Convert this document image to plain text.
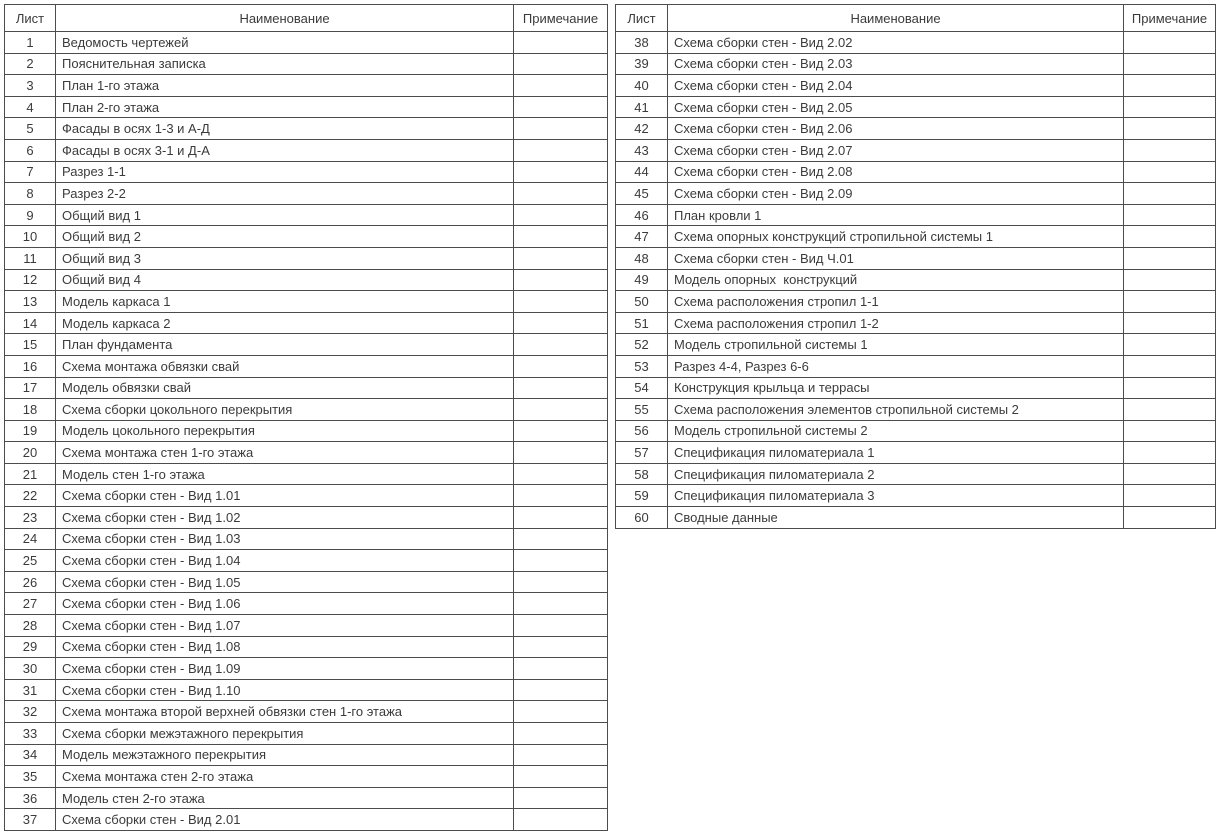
Лист	Наименование	Примечание
1	Ведомость чертежей	
2	Пояснительная записка	
3	План 1-го этажа	
4	План 2-го этажа	
5	Фасады в осях 1-3 и А-Д	
6	Фасады в осях 3-1 и Д-А	
7	Разрез 1-1	
8	Разрез 2-2	
9	Общий вид 1	
10	Общий вид 2	
11	Общий вид 3	
12	Общий вид 4	
13	Модель каркаса 1	
14	Модель каркаса 2	
15	План фундамента	
16	Схема монтажа обвязки свай	
17	Модель обвязки свай	
18	Схема сборки цокольного перекрытия	
19	Модель цокольного перекрытия	
20	Схема монтажа стен 1-го этажа	
21	Модель стен 1-го этажа	
22	Схема сборки стен - Вид 1.01	
23	Схема сборки стен - Вид 1.02	
24	Схема сборки стен - Вид 1.03	
25	Схема сборки стен - Вид 1.04	
26	Схема сборки стен - Вид 1.05	
27	Схема сборки стен - Вид 1.06	
28	Схема сборки стен - Вид 1.07	
29	Схема сборки стен - Вид 1.08	
30	Схема сборки стен - Вид 1.09	
31	Схема сборки стен - Вид 1.10	
32	Схема монтажа второй верхней обвязки стен 1-го этажа	
33	Схема сборки межэтажного перекрытия	
34	Модель межэтажного перекрытия	
35	Схема монтажа стен 2-го этажа	
36	Модель стен 2-го этажа	
37	Схема сборки стен - Вид 2.01	
Лист	Наименование	Примечание
38	Схема сборки стен - Вид 2.02	
39	Схема сборки стен - Вид 2.03	
40	Схема сборки стен - Вид 2.04	
41	Схема сборки стен - Вид 2.05	
42	Схема сборки стен - Вид 2.06	
43	Схема сборки стен - Вид 2.07	
44	Схема сборки стен - Вид 2.08	
45	Схема сборки стен - Вид 2.09	
46	План кровли 1	
47	Схема опорных конструкций стропильной системы 1	
48	Схема сборки стен - Вид Ч.01	
49	Модель опорных  конструкций	
50	Схема расположения стропил 1-1	
51	Схема расположения стропил 1-2	
52	Модель стропильной системы 1	
53	Разрез 4-4, Разрез 6-6	
54	Конструкция крыльца и террасы	
55	Схема расположения элементов стропильной системы 2	
56	Модель стропильной системы 2	
57	Спецификация пиломатериала 1	
58	Спецификация пиломатериала 2	
59	Спецификация пиломатериала 3	
60	Сводные данные	
